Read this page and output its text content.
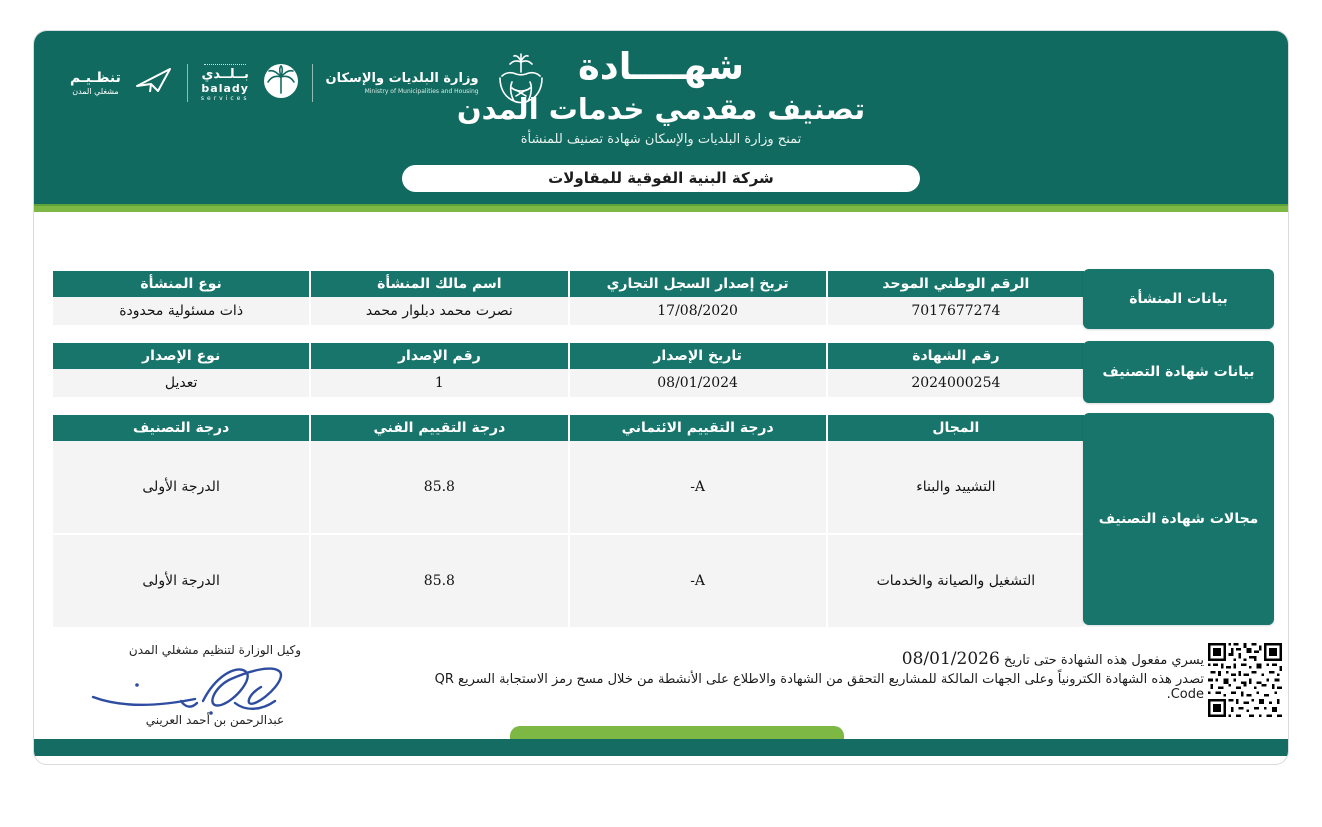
شهــــادة
تصنيف مقدمي خدمات المدن
تمنح وزارة البلديات والإسكان شهادة تصنيف للمنشأة
شركة البنية الفوقية للمقاولات
تنظـيـم
مشغلي المدن
بــلــدي
balady
services
وزارة البلديات والإسكان
Ministry of Municipalities and Housing
الرقم الوطني الموحد
تريخ إصدار السجل التجاري
اسم مالك المنشأة
نوع المنشأة
7017677274
17/08/2020
نصرت محمد دبلوار محمد
ذات مسئولية محدودة
بيانات المنشأة
رقم الشهادة
تاريخ الإصدار
رقم الإصدار
نوع الإصدار
2024000254
08/01/2024
1
تعديل
بيانات شهادة التصنيف
المجال
درجة التقييم الائتماني
درجة التقييم الفني
درجة التصنيف
التشييد والبناء
A-
85.8
الدرجة الأولى
التشغيل والصيانة والخدمات
A-
85.8
الدرجة الأولى
مجالات شهادة التصنيف
وكيل الوزارة لتنظيم مشغلي المدن
عبدالرحمن بن أحمد العريني
يسري مفعول هذه الشهادة حتى تاريخ 08/01/2026
تصدر هذه الشهادة الكترونياً وعلى الجهات المالكة للمشاريع التحقق من الشهادة والاطلاع على الأنشطة من خلال مسح رمز الاستجابة السريع QR Code.
